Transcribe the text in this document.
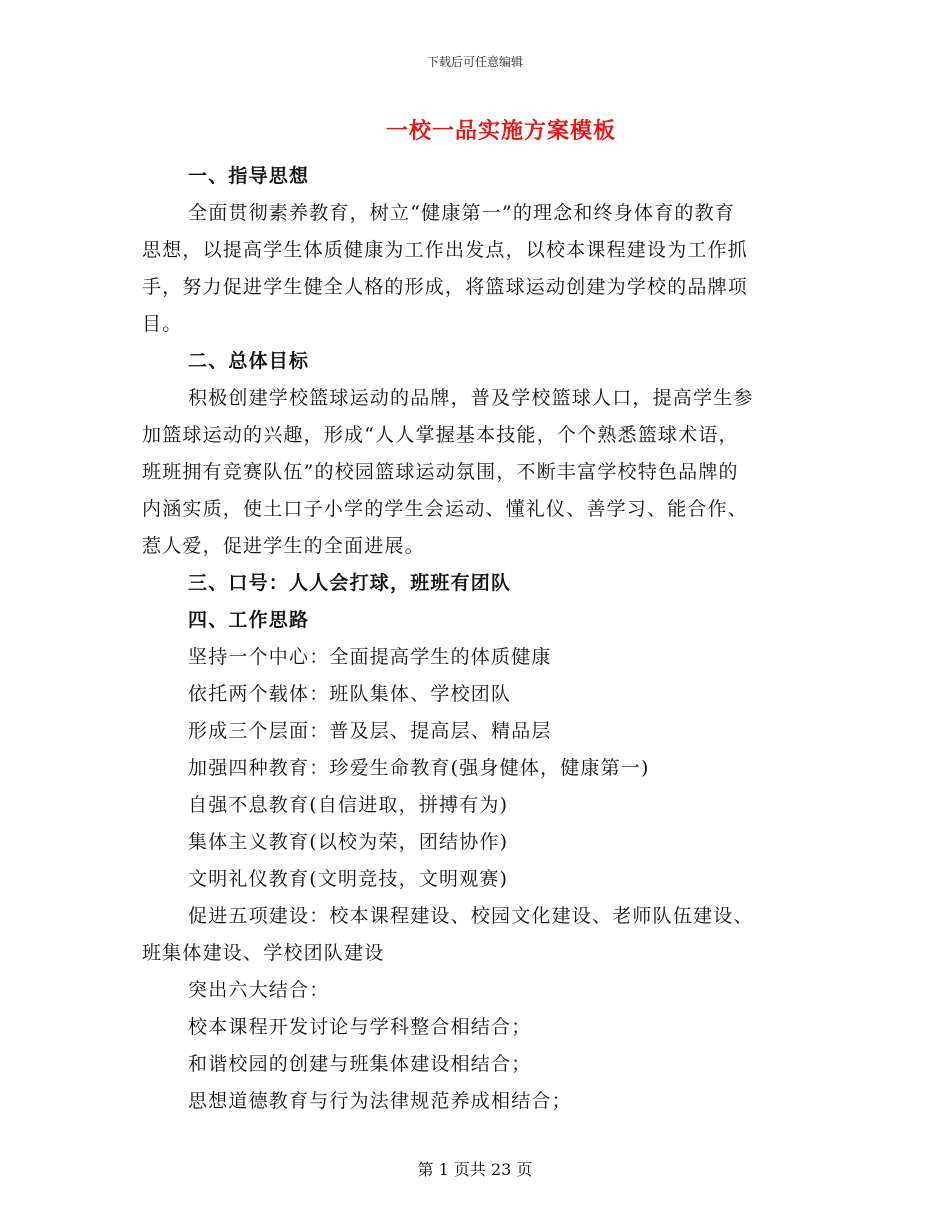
下载后可任意编辑
一校一品实施方案模板
一、指导思想
全面贯彻素养教育，树立“健康第一”的理念和终身体育的教育
思想，以提高学生体质健康为工作出发点，以校本课程建设为工作抓
手，努力促进学生健全人格的形成，将篮球运动创建为学校的品牌项
目。
二、总体目标
积极创建学校篮球运动的品牌，普及学校篮球人口，提高学生参
加篮球运动的兴趣，形成“人人掌握基本技能，个个熟悉篮球术语，
班班拥有竞赛队伍”的校园篮球运动氛围，不断丰富学校特色品牌的
内涵实质，使土口子小学的学生会运动、懂礼仪、善学习、能合作、
惹人爱，促进学生的全面进展。
三、口号：人人会打球，班班有团队
四、工作思路
坚持一个中心：全面提高学生的体质健康
依托两个载体：班队集体、学校团队
形成三个层面：普及层、提高层、精品层
加强四种教育：珍爱生命教育(强身健体，健康第一)
自强不息教育(自信进取，拼搏有为)
集体主义教育(以校为荣，团结协作)
文明礼仪教育(文明竞技，文明观赛)
促进五项建设：校本课程建设、校园文化建设、老师队伍建设、
班集体建设、学校团队建设
突出六大结合：
校本课程开发讨论与学科整合相结合；
和谐校园的创建与班集体建设相结合；
思想道德教育与行为法律规范养成相结合；
第 1 页共 23 页
